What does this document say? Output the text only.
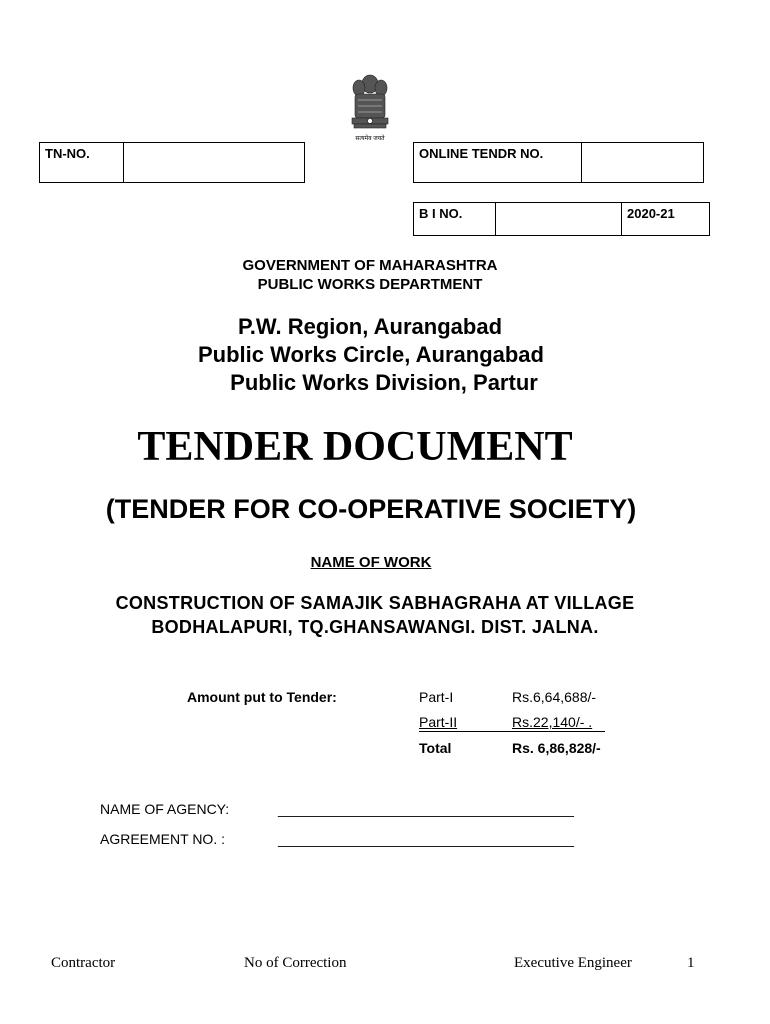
सत्यमेव जयते
TN-NO.	ONLINE TENDR NO.
B I NO.	2020-21
GOVERNMENT OF MAHARASHTRA
PUBLIC WORKS DEPARTMENT
P.W. Region, Aurangabad
Public Works Circle, Aurangabad
Public Works Division, Partur
TENDER DOCUMENT
(TENDER FOR CO-OPERATIVE SOCIETY)
NAME OF WORK
CONSTRUCTION OF SAMAJIK SABHAGRAHA AT VILLAGE
BODHALAPURI, TQ.GHANSAWANGI. DIST. JALNA.
Amount put to Tender:	Part-I	Rs.6,64,688/-
Part-II	Rs.22,140/- .
Total	Rs. 6,86,828/-
NAME OF AGENCY:	______________________________________
AGREEMENT NO. :	______________________________________
Contractor	No of Correction	Executive Engineer	1
